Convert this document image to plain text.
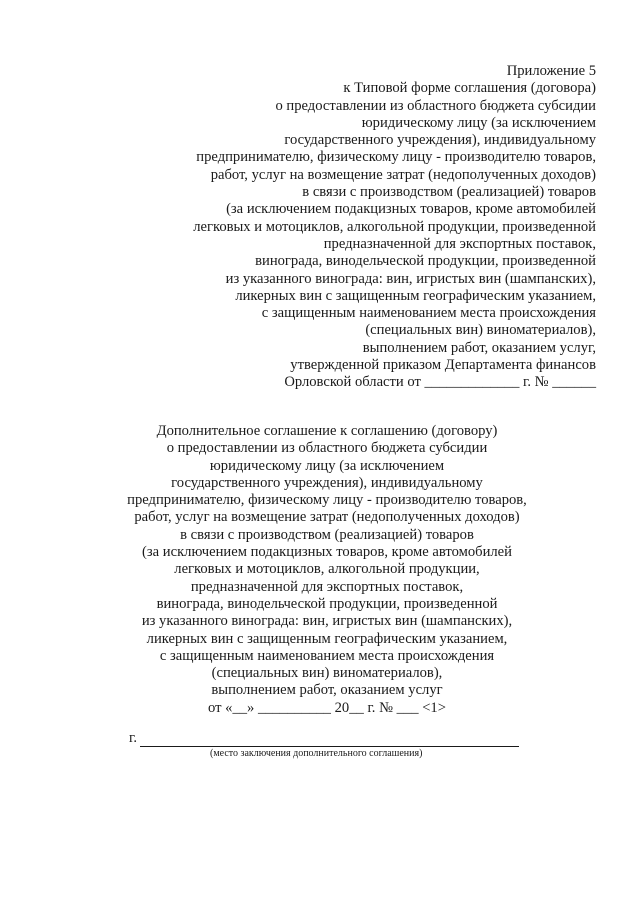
Приложение 5
к Типовой форме соглашения (договора)
о предоставлении из областного бюджета субсидии
юридическому лицу (за исключением
государственного учреждения), индивидуальному
предпринимателю, физическому лицу - производителю товаров,
работ, услуг на возмещение затрат (недополученных доходов)
в связи с производством (реализацией) товаров
(за исключением подакцизных товаров, кроме автомобилей
легковых и мотоциклов, алкогольной продукции, произведенной
предназначенной для экспортных поставок,
винограда, винодельческой продукции, произведенной
из указанного винограда: вин, игристых вин (шампанских),
ликерных вин с защищенным географическим указанием,
с защищенным наименованием места происхождения
(специальных вин) виноматериалов),
выполнением работ, оказанием услуг,
утвержденной приказом Департамента финансов
Орловской области от _____________ г. № ______
Дополнительное соглашение к соглашению (договору)
о предоставлении из областного бюджета субсидии
юридическому лицу (за исключением
государственного учреждения), индивидуальному
предпринимателю, физическому лицу - производителю товаров,
работ, услуг на возмещение затрат (недополученных доходов)
в связи с производством (реализацией) товаров
(за исключением подакцизных товаров, кроме автомобилей
легковых и мотоциклов, алкогольной продукции,
предназначенной для экспортных поставок,
винограда, винодельческой продукции, произведенной
из указанного винограда: вин, игристых вин (шампанских),
ликерных вин с защищенным географическим указанием,
с защищенным наименованием места происхождения
(специальных вин) виноматериалов),
выполнением работ, оказанием услуг
от «__» __________ 20__ г. № ___ <1>
г.
(место заключения дополнительного соглашения)
